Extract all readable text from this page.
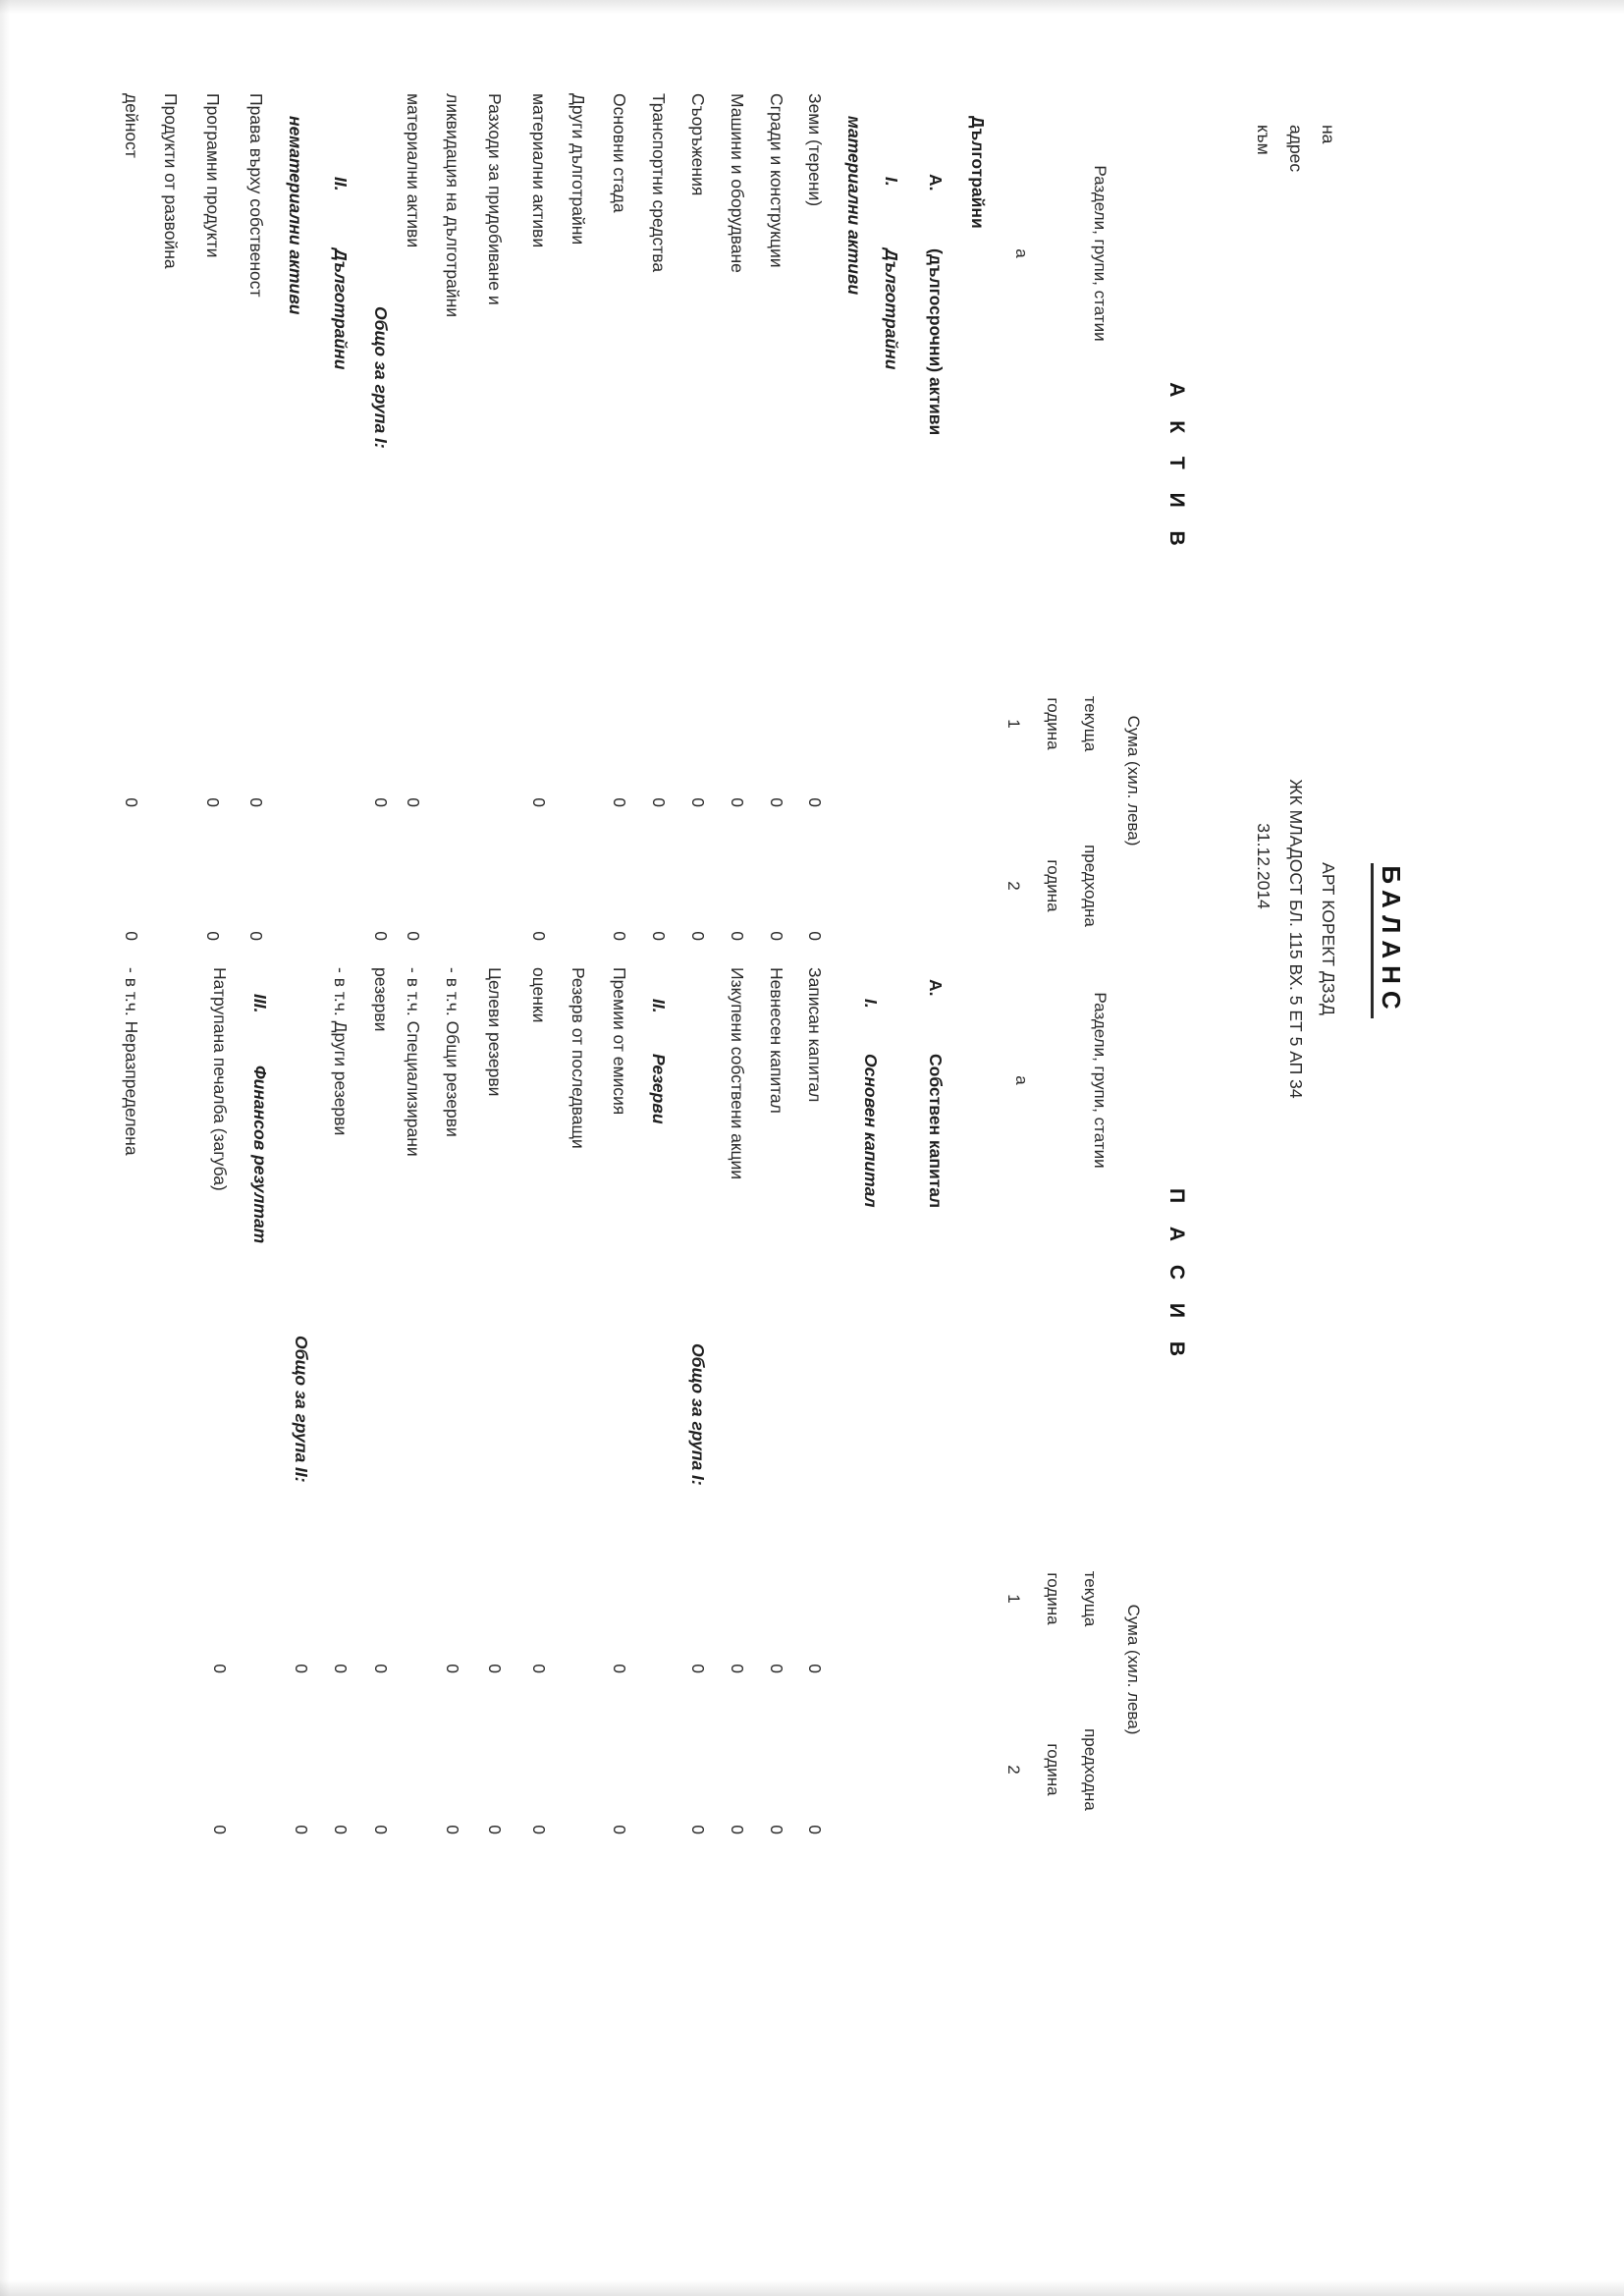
БАЛАНС
на
АРТ КОРЕКТ ДЗЗД
адрес
ЖК МЛАДОСТ БЛ. 115 ВХ. 5 ЕТ 5 АП 34
към
31.12.2014
А К Т И В
Раздели, групи, статии
а
Сума (хил. лева)
текуща
година
1
предходна
година
2
Дълготрайни
А.
(дългосрочни) активи
I.
Дълготрайни
материални активи
Земи (терени)
0
0
Сгради и конструкции
0
0
Машини и оборудване
0
0
Съоръжения
0
0
Транспортни средства
0
0
Основни стада
0
0
Други дълготрайни
материални активи
0
0
Разходи за придобиване и
ликвидация на дълготрайни
материални активи
0
0
Общо за група I:
0
0
II.
Дълготрайни
нематериални активи
Права върху собственост
0
0
Програмни продукти
0
0
Продукти от развойна
дейност
0
0
П А С И В
Раздели, групи, статии
а
Сума (хил. лева)
текуща
година
1
предходна
година
2
А.
Собствен капитал
I.
Основен капитал
Записан капитал
0
0
Невнесен капитал
0
0
Изкупени собствени акции
0
0
Общо за група I:
0
0
II.
Резерви
Премии от емисия
0
0
Резерв от последващи
оценки
0
0
Целеви резерви
0
0
- в т.ч. Общи резерви
0
0
- в т.ч. Специализирани
резерви
0
0
- в т.ч. Други резерви
0
0
Общо за група II:
0
0
III.
Финансов резултат
Натрупана печалба (загуба)
0
0
- в т.ч. Неразпределена
